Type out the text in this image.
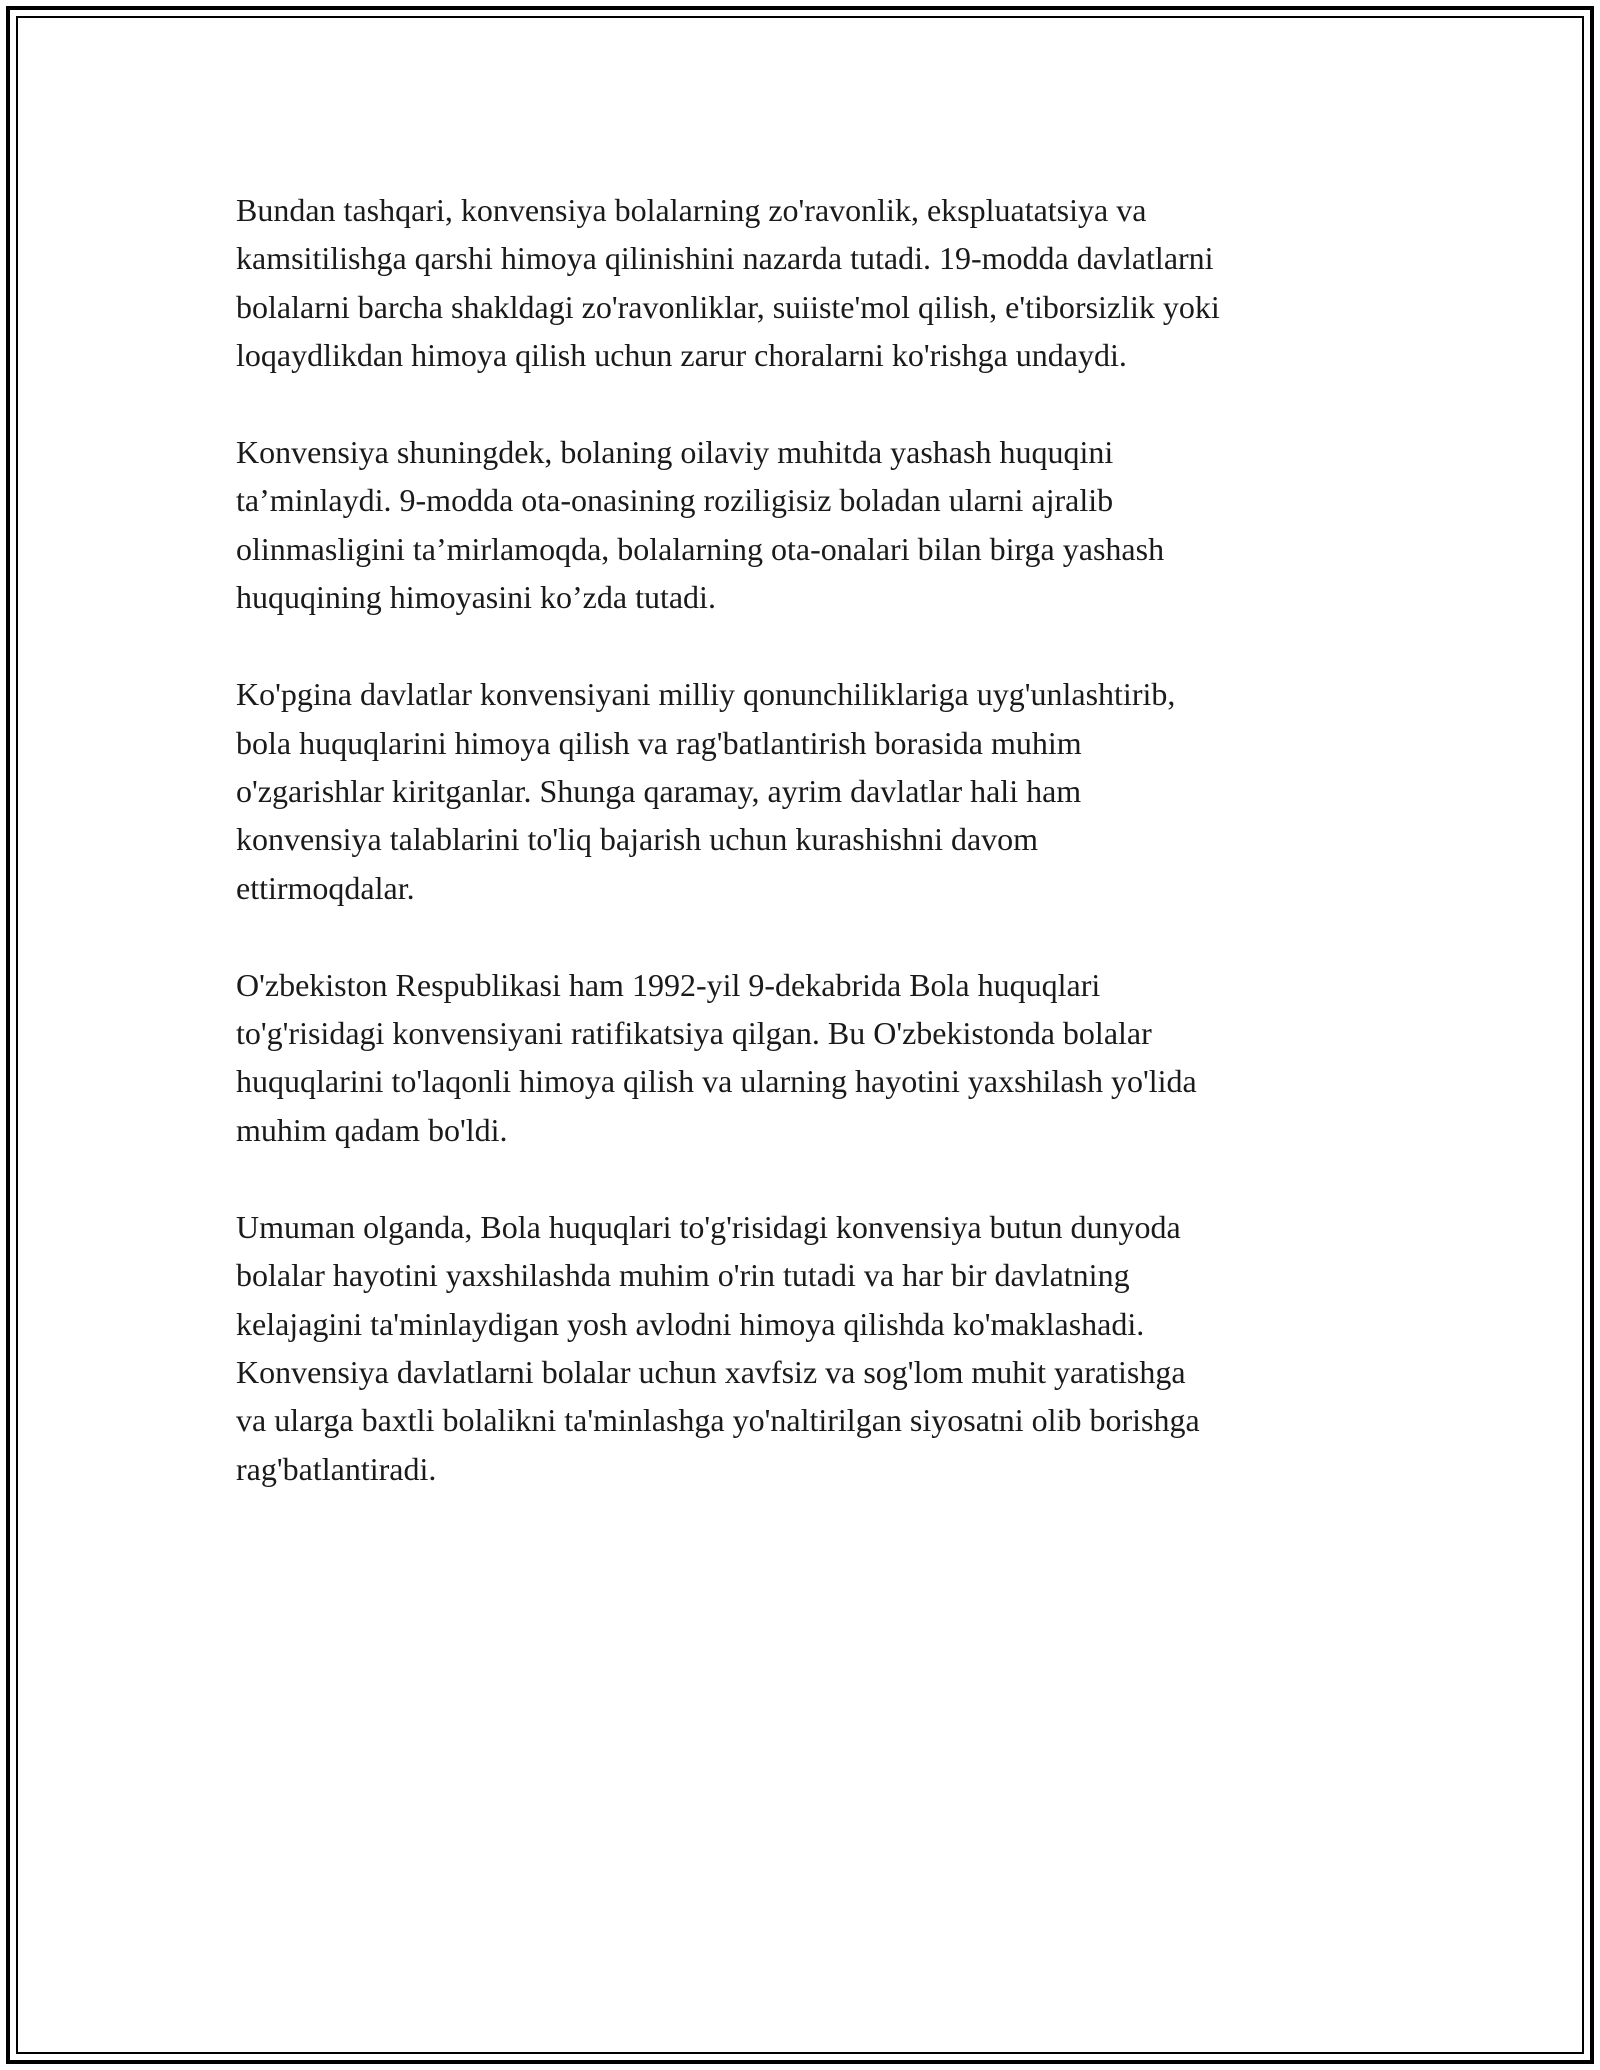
Bundan tashqari, konvensiya bolalarning zo'ravonlik, ekspluatatsiya va
kamsitilishga qarshi himoya qilinishini nazarda tutadi. 19-modda davlatlarni
bolalarni barcha shakldagi zo'ravonliklar, suiiste'mol qilish, e'tiborsizlik yoki
loqaydlikdan himoya qilish uchun zarur choralarni ko'rishga undaydi.

Konvensiya shuningdek, bolaning oilaviy muhitda yashash huquqini
ta’minlaydi. 9-modda ota-onasining roziligisiz boladan ularni ajralib
olinmasligini ta’mirlamoqda, bolalarning ota-onalari bilan birga yashash
huquqining himoyasini ko’zda tutadi.

Ko'pgina davlatlar konvensiyani milliy qonunchiliklariga uyg'unlashtirib,
bola huquqlarini himoya qilish va rag'batlantirish borasida muhim
o'zgarishlar kiritganlar. Shunga qaramay, ayrim davlatlar hali ham
konvensiya talablarini to'liq bajarish uchun kurashishni davom
ettirmoqdalar.

O'zbekiston Respublikasi ham 1992-yil 9-dekabrida Bola huquqlari
to'g'risidagi konvensiyani ratifikatsiya qilgan. Bu O'zbekistonda bolalar
huquqlarini to'laqonli himoya qilish va ularning hayotini yaxshilash yo'lida
muhim qadam bo'ldi.

Umuman olganda, Bola huquqlari to'g'risidagi konvensiya butun dunyoda
bolalar hayotini yaxshilashda muhim o'rin tutadi va har bir davlatning
kelajagini ta'minlaydigan yosh avlodni himoya qilishda ko'maklashadi.
Konvensiya davlatlarni bolalar uchun xavfsiz va sog'lom muhit yaratishga
va ularga baxtli bolalikni ta'minlashga yo'naltirilgan siyosatni olib borishga
rag'batlantiradi.
